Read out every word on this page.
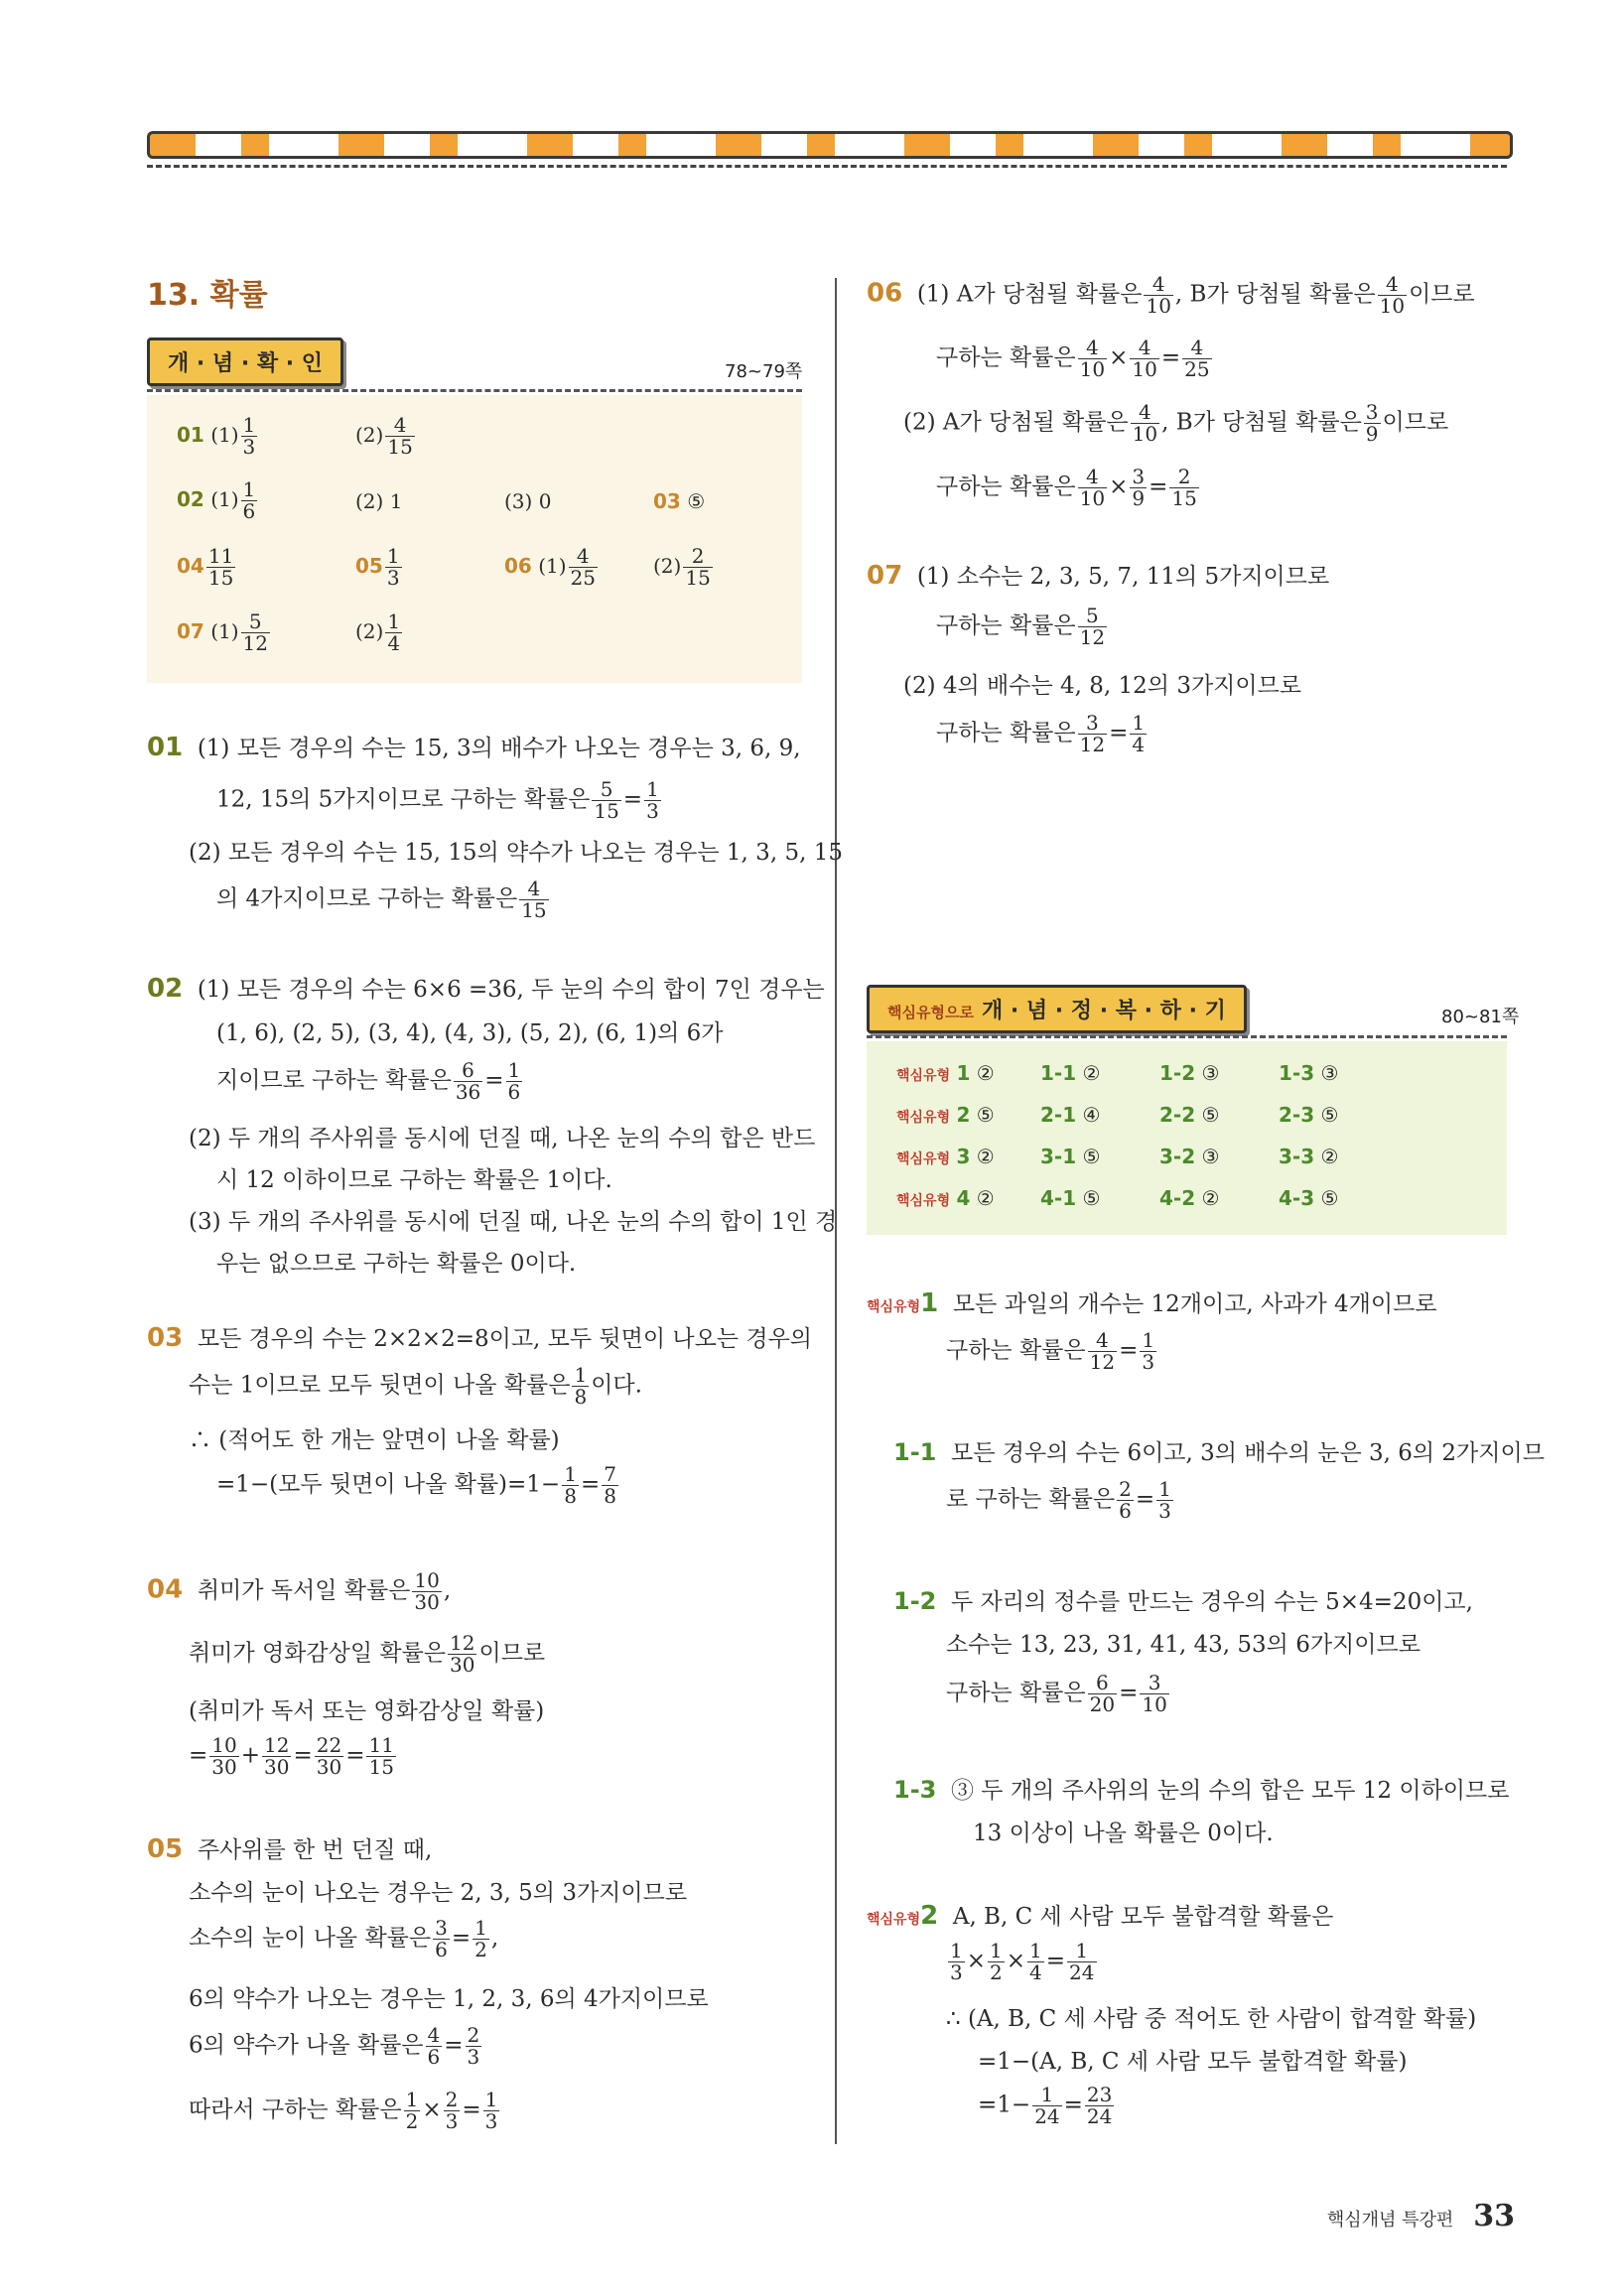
13. 확률
개 · 념 · 확 · 인	78~79쪽
01 $(1) \frac{1}{3}$	$(2) \frac{4}{15}$
02 $(1) \frac{1}{6}$	(2) 1	(3) 0	03 ⑤
$04 \frac{11}{15}$	$05 \frac{1}{3}$	06 $(1) \frac{4}{25}$	$(2) \frac{2}{15}$
07 $(1) \frac{5}{12}$	$(2) \frac{1}{4}$
01 (1) 모든 경우의 수는 15, 3의 배수가 나오는 경우는 3, 6, 9,
12, 15의 5가지이므로 구하는 확률은 $\frac{5}{15} = \frac{1}{3}$
(2) 모든 경우의 수는 15, 15의 약수가 나오는 경우는 1, 3, 5, 15
의 4가지이므로 구하는 확률은 $\frac{4}{15}$
02 (1) 모든 경우의 수는 6×6 =36, 두 눈의 수의 합이 7인 경우는
(1, 6), (2, 5), (3, 4), (4, 3), (5, 2), (6, 1)의 6가
지이므로 구하는 확률은 $\frac{6}{36} = \frac{1}{6}$
(2) 두 개의 주사위를 동시에 던질 때, 나온 눈의 수의 합은 반드
시 12 이하이므로 구하는 확률은 1이다.
(3) 두 개의 주사위를 동시에 던질 때, 나온 눈의 수의 합이 1인 경
우는 없으므로 구하는 확률은 0이다.
03 모든 경우의 수는 2×2×2=8이고, 모두 뒷면이 나오는 경우의
수는 1이므로 모두 뒷면이 나올 확률은 $\frac{1}{8}$ 이다.
∴ (적어도 한 개는 앞면이 나올 확률)
=1−(모두 뒷면이 나올 확률)$=1- \frac{1}{8} = \frac{7}{8}$
04 취미가 독서일 확률은 $\frac{10}{30}$ ,
취미가 영화감상일 확률은 $\frac{12}{30}$ 이므로
(취미가 독서 또는 영화감상일 확률)
= $\frac{10}{30} + \frac{12}{30} = \frac{22}{30} = \frac{11}{15}$
05 주사위를 한 번 던질 때,
소수의 눈이 나오는 경우는 2, 3, 5의 3가지이므로
소수의 눈이 나올 확률은 $\frac{3}{6} = \frac{1}{2}$ ,
6의 약수가 나오는 경우는 1, 2, 3, 6의 4가지이므로
6의 약수가 나올 확률은 $\frac{4}{6} = \frac{2}{3}$
따라서 구하는 확률은 $\frac{1}{2} \times \frac{2}{3} = \frac{1}{3}$
06 (1) A가 당첨될 확률은 $\frac{4}{10}$ , B가 당첨될 확률은 $\frac{4}{10}$ 이므로
구하는 확률은 $\frac{4}{10} \times \frac{4}{10} = \frac{4}{25}$
(2) A가 당첨될 확률은 $\frac{4}{10}$ , B가 당첨될 확률은 $\frac{3}{9}$ 이므로
구하는 확률은 $\frac{4}{10} \times \frac{3}{9} = \frac{2}{15}$
07 (1) 소수는 2, 3, 5, 7, 11의 5가지이므로
구하는 확률은 $\frac{5}{12}$
(2) 4의 배수는 4, 8, 12의 3가지이므로
구하는 확률은 $\frac{3}{12} = \frac{1}{4}$
핵심유형으로 개 · 념 · 정 · 복 · 하 · 기	80~81쪽
핵심유형 1 ② 1-1 ②	1-2 ③	1-3 ③
핵심유형 2 ⑤ 2-1 ④	2-2 ⑤	2-3 ⑤
핵심유형 3 ② 3-1 ⑤	3-2 ③	3-3 ②
핵심유형 4 ② 4-1 ⑤	4-2 ②	4-3 ⑤
핵심유형1 모든 과일의 개수는 12개이고, 사과가 4개이므로
구하는 확률은 $\frac{4}{12} = \frac{1}{3}$
1-1 모든 경우의 수는 6이고, 3의 배수의 눈은 3, 6의 2가지이므
로 구하는 확률은 $\frac{2}{6} = \frac{1}{3}$
1-2 두 자리의 정수를 만드는 경우의 수는 5×4=20이고,
소수는 13, 23, 31, 41, 43, 53의 6가지이므로
구하는 확률은 $\frac{6}{20} = \frac{3}{10}$
1-3 ③ 두 개의 주사위의 눈의 수의 합은 모두 12 이하이므로
13 이상이 나올 확률은 0이다.
핵심유형2 A, B, C 세 사람 모두 불합격할 확률은
$\frac{1}{3} \times \frac{1}{2} \times \frac{1}{4} = \frac{1}{24}$
∴ (A, B, C 세 사람 중 적어도 한 사람이 합격할 확률)
=1−(A, B, C 세 사람 모두 불합격할 확률)
$=1- \frac{1}{24} = \frac{23}{24}$
핵심개념 특강편 33
